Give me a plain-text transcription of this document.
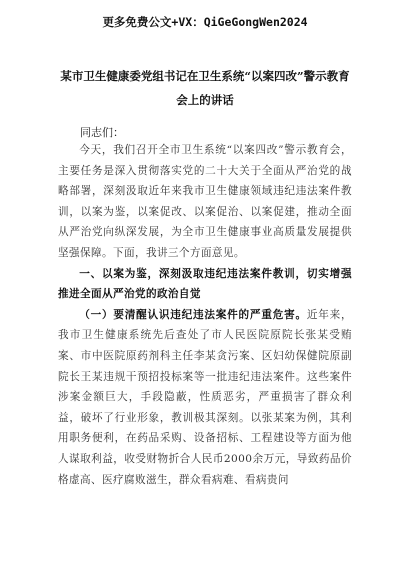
更多免费公文+VX：QiGeGongWen2024
某市卫生健康委党组书记在卫生系统“以案四改”警示教育会上的讲话
同志们：

今天，我们召开全市卫生系统“以案四改”警示教育会，主要任务是深入贯彻落实党的二十大关于全面从严治党的战略部署，深刻汲取近年来我市卫生健康领域违纪违法案件教训，以案为鉴，以案促改、以案促治、以案促建，推动全面从严治党向纵深发展，为全市卫生健康事业高质量发展提供坚强保障。下面，我讲三个方面意见。

一、以案为鉴，深刻汲取违纪违法案件教训，切实增强推进全面从严治党的政治自觉

（一）要清醒认识违纪违法案件的严重危害。近年来，我市卫生健康系统先后查处了市人民医院原院长张某受贿案、市中医院原药剂科主任李某贪污案、区妇幼保健院原副院长王某违规干预招投标案等一批违纪违法案件。这些案件涉案金额巨大，手段隐蔽，性质恶劣，严重损害了群众利益，破坏了行业形象，教训极其深刻。以张某案为例，其利用职务便利，在药品采购、设备招标、工程建设等方面为他人谋取利益，收受财物折合人民币2000余万元，导致药品价格虚高、医疗腐败滋生，群众看病难、看病贵问
